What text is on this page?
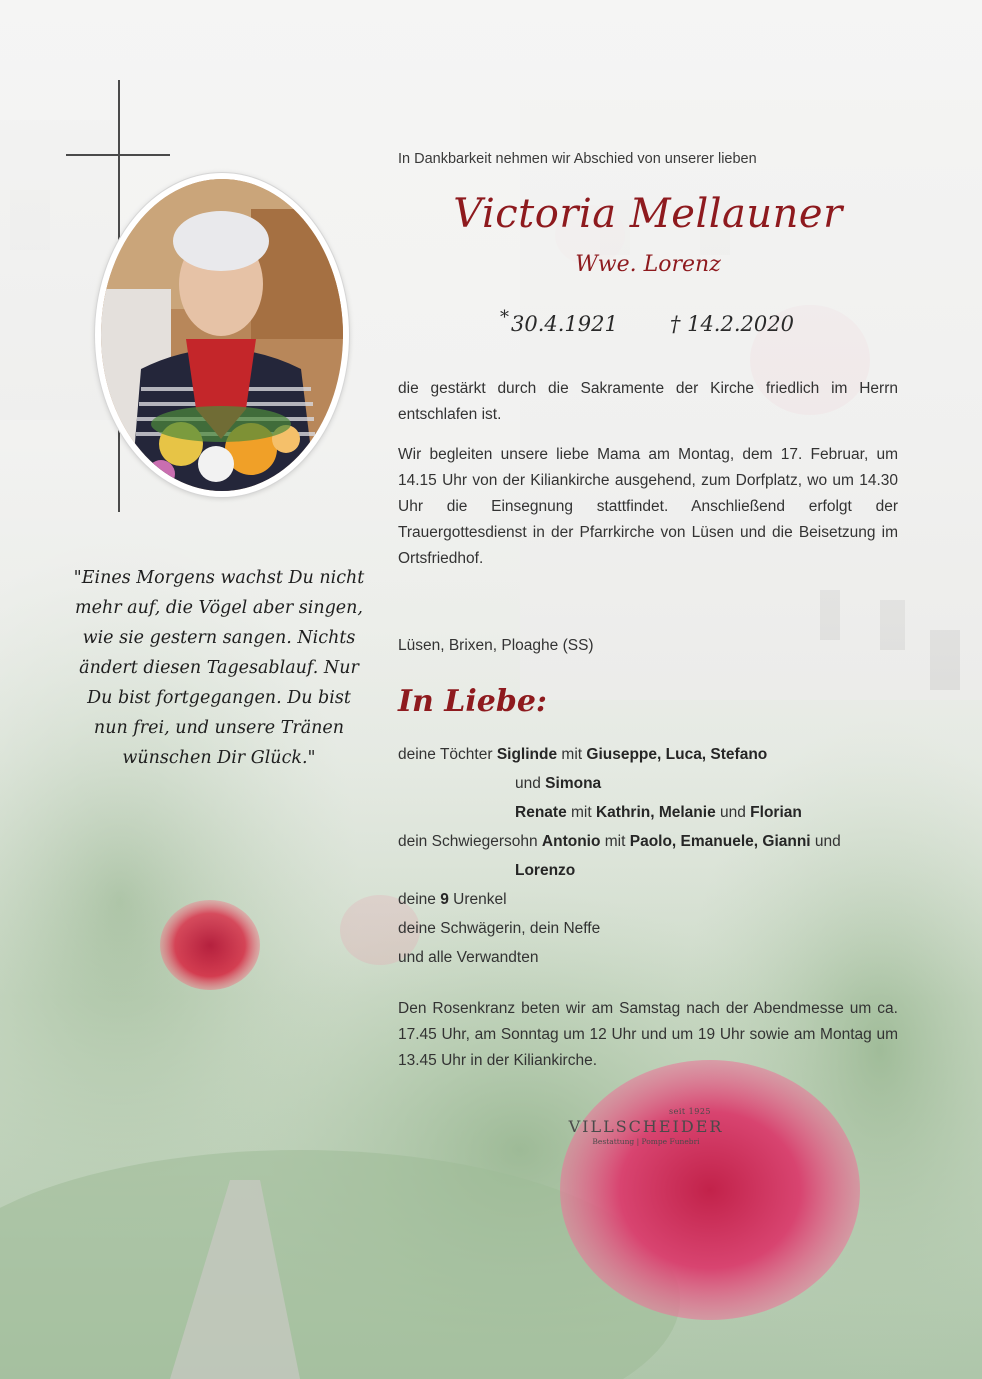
"Eines Morgens wachst Du nicht
mehr auf, die Vögel aber singen,
wie sie gestern sangen. Nichts
ändert diesen Tagesablauf. Nur
Du bist fortgegangen. Du bist
nun frei, und unsere Tränen
wünschen Dir Glück."
In Dankbarkeit nehmen wir Abschied von unserer lieben
Victoria Mellauner
Wwe. Lorenz
*30.4.1921 † 14.2.2020
die gestärkt durch die Sakramente der Kirche friedlich im Herrn entschlafen ist.
Wir begleiten unsere liebe Mama am Montag, dem 17. Februar, um 14.15 Uhr von der Kiliankirche ausgehend, zum Dorfplatz, wo um 14.30 Uhr die Einsegnung stattfindet. Anschließend erfolgt der Trauergottesdienst in der Pfarrkirche von Lüsen und die Beisetzung im Ortsfriedhof.
Lüsen, Brixen, Ploaghe (SS)
In Liebe:
deine Töchter Siglinde mit Giuseppe, Luca, Stefano
und Simona
Renate mit Kathrin, Melanie und Florian
dein Schwiegersohn Antonio mit Paolo, Emanuele, Gianni und
Lorenzo
deine 9 Urenkel
deine Schwägerin, dein Neffe
und alle Verwandten
Den Rosenkranz beten wir am Samstag nach der Abendmesse um ca. 17.45 Uhr, am Sonntag um 12 Uhr und um 19 Uhr sowie am Montag um 13.45 Uhr in der Kiliankirche.
seit 1925
VILLSCHEIDER
Bestattung | Pompe Funebri
